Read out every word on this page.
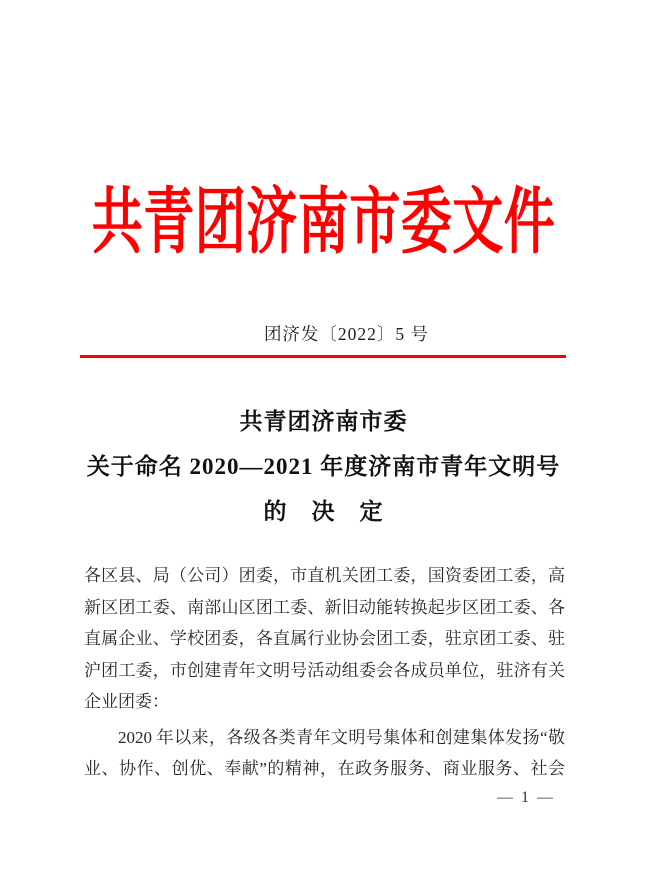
共青团济南市委文件
团济发〔2022〕5 号
共青团济南市委
关于命名 2020—2021 年度济南市青年文明号
的　决　定

各区县、局（公司）团委，市直机关团工委，国资委团工委，高

新区团工委、南部山区团工委、新旧动能转换起步区团工委、各

直属企业、学校团委，各直属行业协会团工委，驻京团工委、驻

沪团工委，市创建青年文明号活动组委会各成员单位，驻济有关

企业团委：

2020 年以来，各级各类青年文明号集体和创建集体发扬“敬

业、协作、创优、奉献”的精神，在政务服务、商业服务、社会

— 1 —
